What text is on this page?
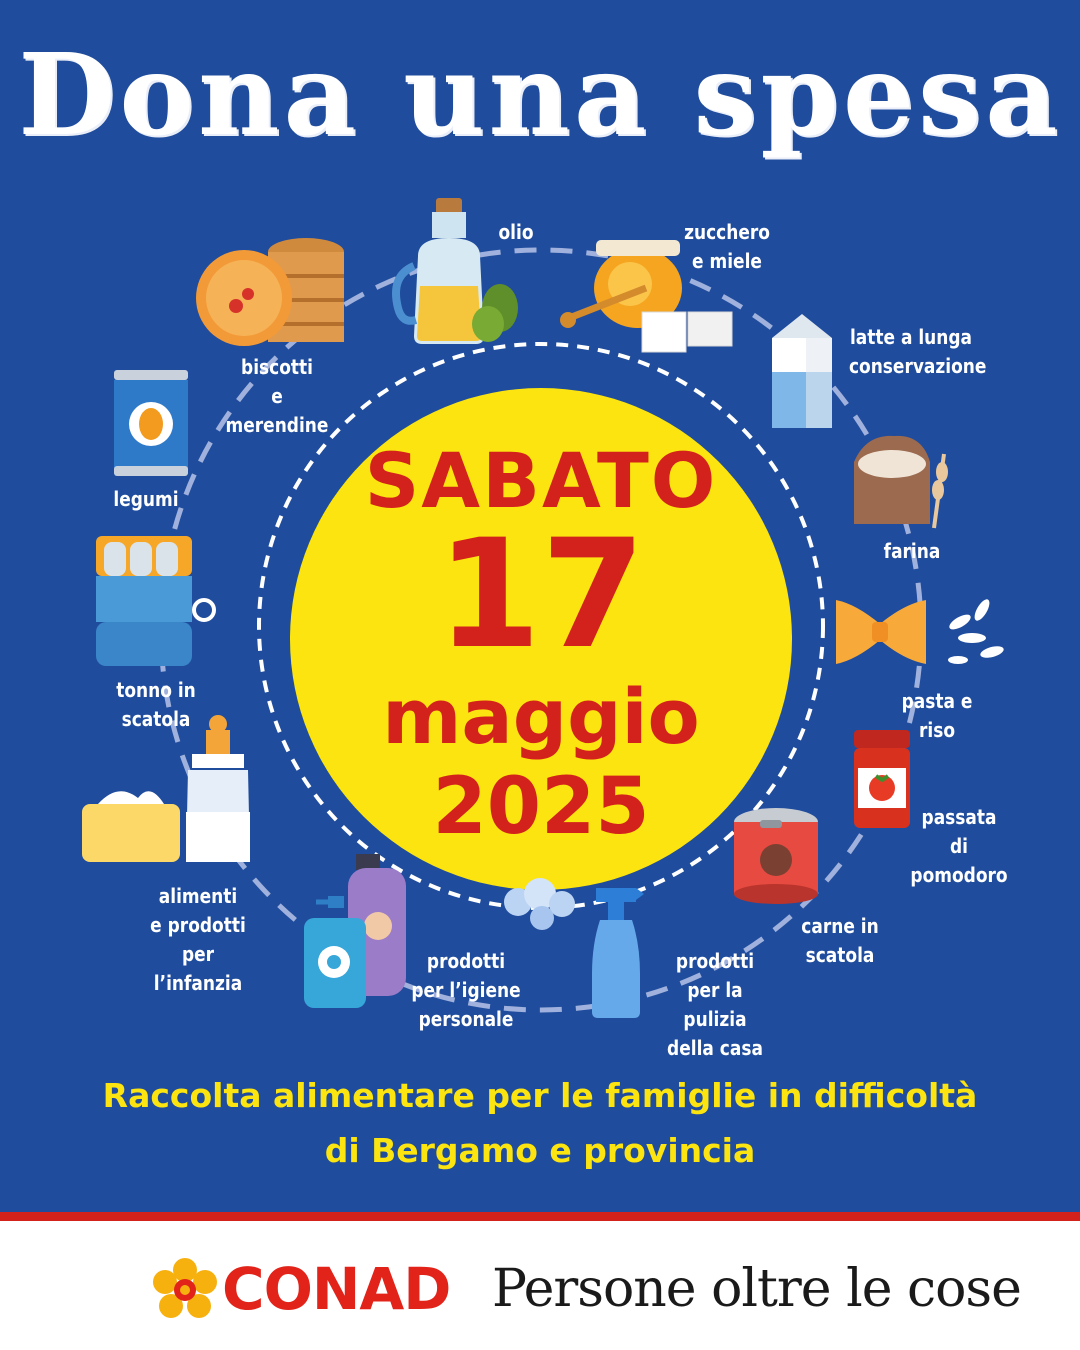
Dona una spesa
SABATO
17
maggio
2025
olio	zucchero
e miele
latte a lunga
conservazione
farina
pasta e riso
passata
di pomodoro
carne in scatola
prodotti
per la pulizia
della casa
prodotti
per l’igiene
personale
alimenti
e prodotti
per l’infanzia
tonno in scatola
legumi
biscotti
e merendine
Raccolta alimentare per le famiglie in difficoltà
di Bergamo e provincia
CONAD Persone oltre le cose
